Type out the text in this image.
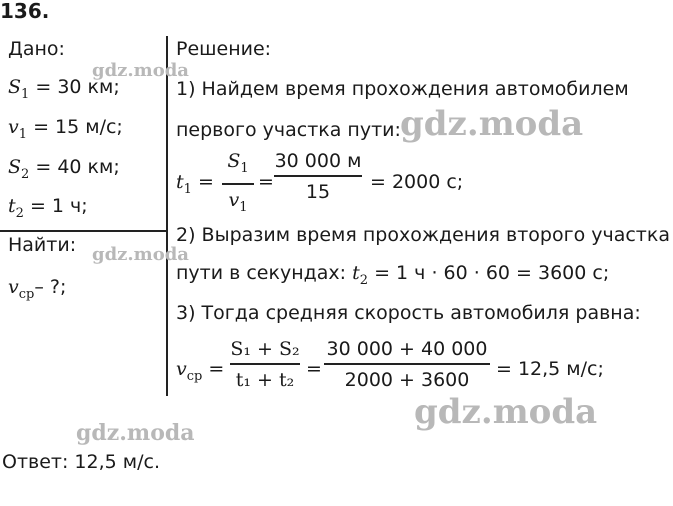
136.
Дано:
$S_1 = 30$ км;
$v_1 = 15$ м/с;
$S_2 = 40$ км;
$t_2 = 1$ ч;
Найти:
$v_{ср}-$ ?;
Решение:
1) Найдем время прохождения автомобилем
первого участка пути:
$t_1$ =
$S_1$
$v_1$
=
30 000 м
15	= 2000 с;
2) Выразим время прохождения второго участка
пути в секундах: $t_2 = 1$ ч · 60 · 60 = 3600 с;
3) Тогда средняя скорость автомобиля равна:
$v_{ср}$ =
S₁ + S₂
t₁ + t₂ =
30 000 + 40 000
2000 + 3600	= 12,5 м/с;
Ответ: 12,5 м/с.
gdz.moda
gdz.moda
gdz.moda
gdz.moda
gdz.moda
